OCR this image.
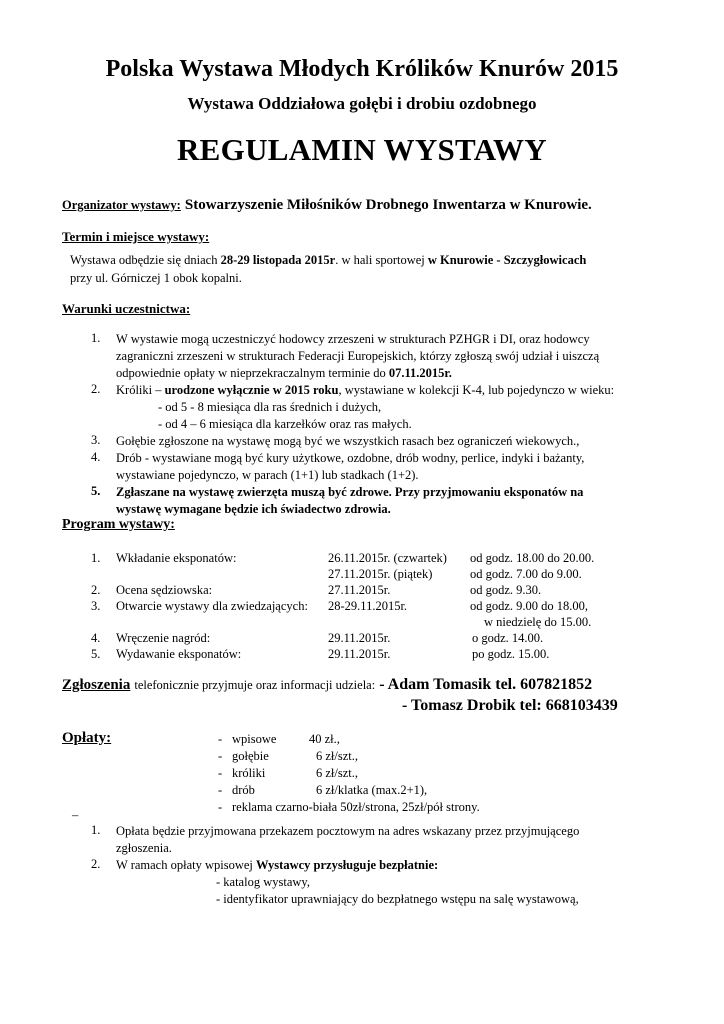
Polska Wystawa Młodych Królików Knurów 2015
Wystawa Oddziałowa gołębi i drobiu ozdobnego
REGULAMIN WYSTAWY
Organizator wystawy: Stowarzyszenie Miłośników Drobnego Inwentarza w Knurowie.
Termin i miejsce wystawy:
Wystawa odbędzie się dniach 28-29 listopada 2015r. w hali sportowej w Knurowie - Szczygłowicach
przy ul. Górniczej 1 obok kopalni.
Warunki uczestnictwa:
1. W wystawie mogą uczestniczyć hodowcy zrzeszeni w strukturach PZHGR i DI, oraz hodowcy
zagraniczni zrzeszeni w strukturach Federacji Europejskich, którzy zgłoszą swój udział i uiszczą
odpowiednie opłaty w nieprzekraczalnym terminie do 07.11.2015r.
2. Króliki – urodzone wyłącznie w 2015 roku, wystawiane w kolekcji K-4, lub pojedynczo w wieku:
- od 5 - 8 miesiąca dla ras średnich i dużych,
- od 4 – 6 miesiąca dla karzełków oraz ras małych.
3. Gołębie zgłoszone na wystawę mogą być we wszystkich rasach bez ograniczeń wiekowych.,
4. Drób - wystawiane mogą być kury użytkowe, ozdobne, drób wodny, perlice, indyki i bażanty,
wystawiane pojedynczo, w parach (1+1) lub stadkach (1+2).
5. Zgłaszane na wystawę zwierzęta muszą być zdrowe. Przy przyjmowaniu eksponatów na
wystawę wymagane będzie ich świadectwo zdrowia.
Program wystawy:
1. Wkładanie eksponatów:	26.11.2015r. (czwartek) od godz. 18.00 do 20.00.
27.11.2015r. (piątek)	od godz. 7.00 do 9.00.
2. Ocena sędziowska:	27.11.2015r.	od godz. 9.30.
3. Otwarcie wystawy dla zwiedzających: 28-29.11.2015r.	od godz. 9.00 do 18.00,
w niedzielę do 15.00.
4. Wręczenie nagród:	29.11.2015r.	o godz. 14.00.
5. Wydawanie eksponatów:	29.11.2015r.	po godz. 15.00.
Zgłoszenia telefonicznie przyjmuje oraz informacji udziela: - Adam Tomasik tel. 607821852
- Tomasz Drobik tel: 668103439
Opłaty:	- wpisowe	40 zł.,
- gołębie	6 zł/szt.,
- króliki	6 zł/szt.,
- drób	6 zł/klatka (max.2+1),
- reklama czarno-biała 50zł/strona, 25zł/pół strony.
–
1. Opłata będzie przyjmowana przekazem pocztowym na adres wskazany przez przyjmującego
zgłoszenia.
2. W ramach opłaty wpisowej Wystawcy przysługuje bezpłatnie:
- katalog wystawy,
- identyfikator uprawniający do bezpłatnego wstępu na salę wystawową,
